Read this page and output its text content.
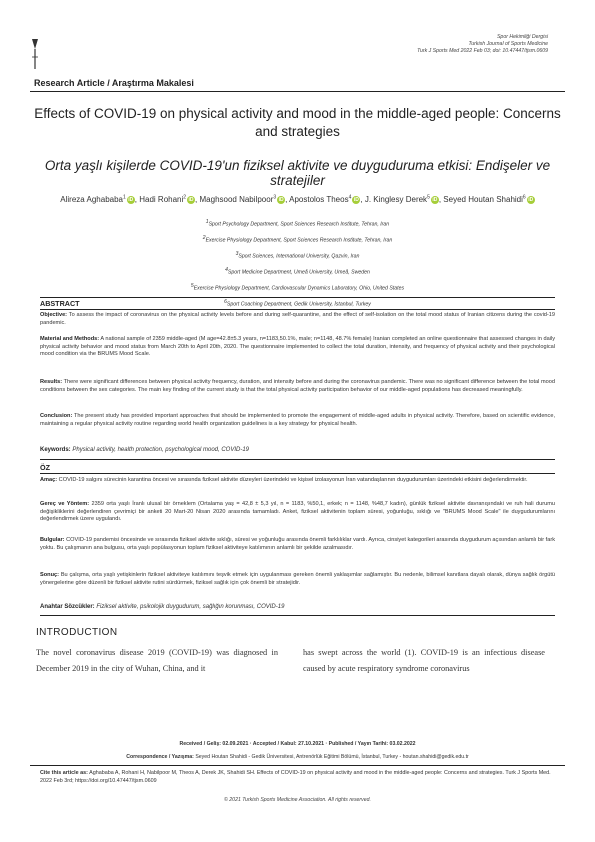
Spor Hekimliği Dergisi
Turkish Journal of Sports Medicine
Turk J Sports Med 2022 Feb 03; doi: 10.47447/tjsm.0609
Research Article / Araştırma Makalesi
Effects of COVID-19 on physical activity and mood in the middle-aged people: Concerns and strategies
Orta yaşlı kişilerde COVID-19'un fiziksel aktivite ve duyguduruma etkisi: Endişeler ve stratejiler
Alireza Aghababa$^1$ iD , Hadi Rohani$^2$ iD , Maghsood Nabilpoor$^3$ iD , Apostolos Theos$^4$ iD , J. Kinglesy Derek$^5$ iD , Seyed Houtan Shahidi$^6$ iD
$^1$Sport Psychology Department, Sport Sciences Research Institute, Tehran, Iran
$^2$Exercise Physiology Department, Sport Sciences Research Institute, Tehran, Iran
$^3$Sport Sciences, International University, Qazvin, Iran
$^4$Sport Medicine Department, Umeå University, Umeå, Sweden
$^5$Exercise Physiology Department, Cardiovascular Dynamics Laboratory, Ohio, United States
$^6$Sport Coaching Department, Gedik University, İstanbul, Turkey
ABSTRACT
Objective: To assess the impact of coronavirus on the physical activity levels before and during self-quarantine, and the effect of self-isolation on the total mood status of Iranian citizens during the covid-19 pandemic.
Material and Methods: A national sample of 2359 middle-aged (M age=42.8±5.3 years, n=1183,50.1%, male; n=1148, 48.7% female) Iranian completed an online questionnaire that assessed changes in daily physical activity behavior and mood status from March 20th to April 20th, 2020. The questionnaire implemented to collect the total duration, intensity, and frequency of physical activity and their psychological mood condition via the BRUMS Mood Scale.
Results: There were significant differences between physical activity frequency, duration, and intensity before and during the coronavirus pandemic. There was no significant difference between the total mood conditions between the sex categories. The main key finding of the current study is that the total physical activity participation behavior of our middle-aged populations has decreased meaningfully.
Conclusion: The present study has provided important approaches that should be implemented to promote the engagement of middle-aged adults in physical activity. Therefore, based on scientific evidence, maintaining a regular physical activity routine regarding world health organization guidelines is a key strategy for physical health.
Keywords: Physical activity, health protection, psychological mood, COVID-19
ÖZ
Amaç: COVID-19 salgını sürecinin karantina öncesi ve sırasında fiziksel aktivite düzeyleri üzerindeki ve kişisel izolasyonun İran vatandaşlarının duygudurumları üzerindeki etkisini değerlendirmektir.
Gereç ve Yöntem: 2359 orta yaşlı İranlı ulusal bir örneklem (Ortalama yaş = 42,8 ± 5,3 yıl, n = 1183, %50,1, erkek; n = 1148, %48,7 kadın), günlük fiziksel aktivite davranışındaki ve ruh hali durumu değişikliklerini değerlendiren çevrimiçi bir anketi 20 Mart-20 Nisan 2020 arasında tamamladı. Anket, fiziksel aktivitenin toplam süresi, yoğunluğu, sıklığı ve "BRUMS Mood Scale" ile duygudurumlarını değerlendirmek üzere uygulandı.
Bulgular: COVID-19 pandemisi öncesinde ve sırasında fiziksel aktivite sıklığı, süresi ve yoğunluğu arasında önemli farklılıklar vardı. Ayrıca, cinsiyet kategorileri arasında duygudurum açısından anlamlı bir fark yoktu. Bu çalışmanın ana bulgusu, orta yaşlı popülasyonun toplam fiziksel aktiviteye katılımının anlamlı bir şekilde azalmasıdır.
Sonuç: Bu çalışma, orta yaşlı yetişkinlerin fiziksel aktiviteye katılımını teşvik etmek için uygulanması gereken önemli yaklaşımlar sağlamıştır. Bu nedenle, bilimsel kanıtlara dayalı olarak, dünya sağlık örgütü yönergelerine göre düzenli bir fiziksel aktivite rutini sürdürmek, fiziksel sağlık için çok önemli bir stratejidir.
Anahtar Sözcükler: Fiziksel aktivite, psikolojik duygudurum, sağlığın korunması, COVID-19
INTRODUCTION
The novel coronavirus disease 2019 (COVID-19) was diagnosed in December 2019 in the city of Wuhan, China, and it
has swept across the world (1). COVID-19 is an infectious disease caused by acute respiratory syndrome coronavirus
Received / Geliş: 02.09.2021 · Accepted / Kabul: 27.10.2021 · Published / Yayın Tarihi: 03.02.2022
Correspondence / Yazışma: Seyed Houtan Shahidi - Gedik Üniversitesi, Antrenörlük Eğitimi Bölümü, İstanbul, Turkey - houtan.shahidi@gedik.edu.tr
Cite this article as: Aghababa A, Rohani H, Nabilpoor M, Theos A, Derek JK, Shahidi SH. Effects of COVID-19 on physical activity and mood in the middle-aged people: Concerns and strategies. Turk J Sports Med. 2022 Feb 3rd; https://doi.org/10.47447/tjsm.0609
© 2021 Turkish Sports Medicine Association. All rights reserved.
